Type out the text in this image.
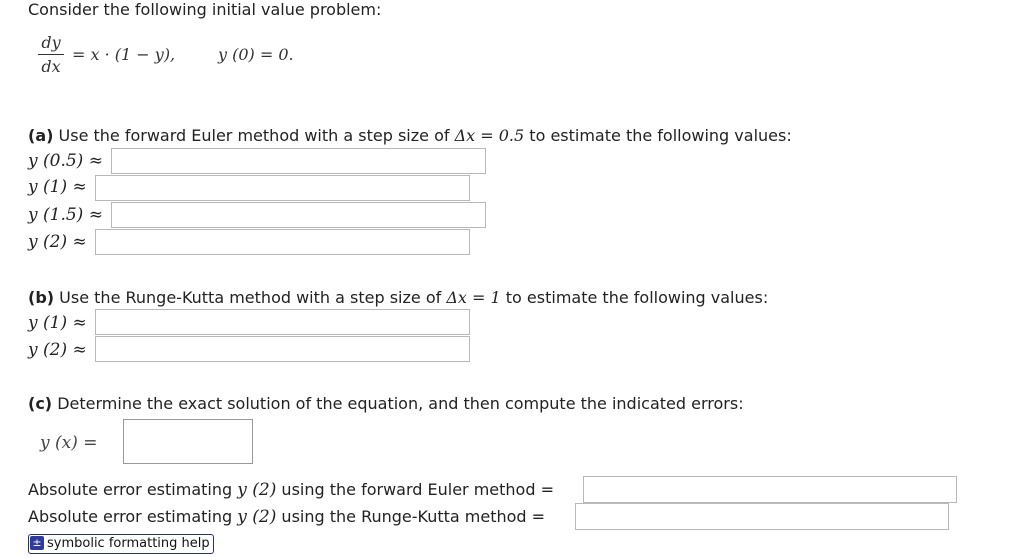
Consider the following initial value problem:
dy
dx
= x · (1 − y),	y (0) = 0.
(a) Use the forward Euler method with a step size of Δx = 0.5 to estimate the following values:
y (0.5) ≈
y (1) ≈
y (1.5) ≈
y (2) ≈
(b) Use the Runge-Kutta method with a step size of Δx = 1 to estimate the following values:
y (1) ≈
y (2) ≈
(c) Determine the exact solution of the equation, and then compute the indicated errors:
y (x) =
Absolute error estimating y (2) using the forward Euler method =
Absolute error estimating y (2) using the Runge-Kutta method =
± symbolic formatting help
